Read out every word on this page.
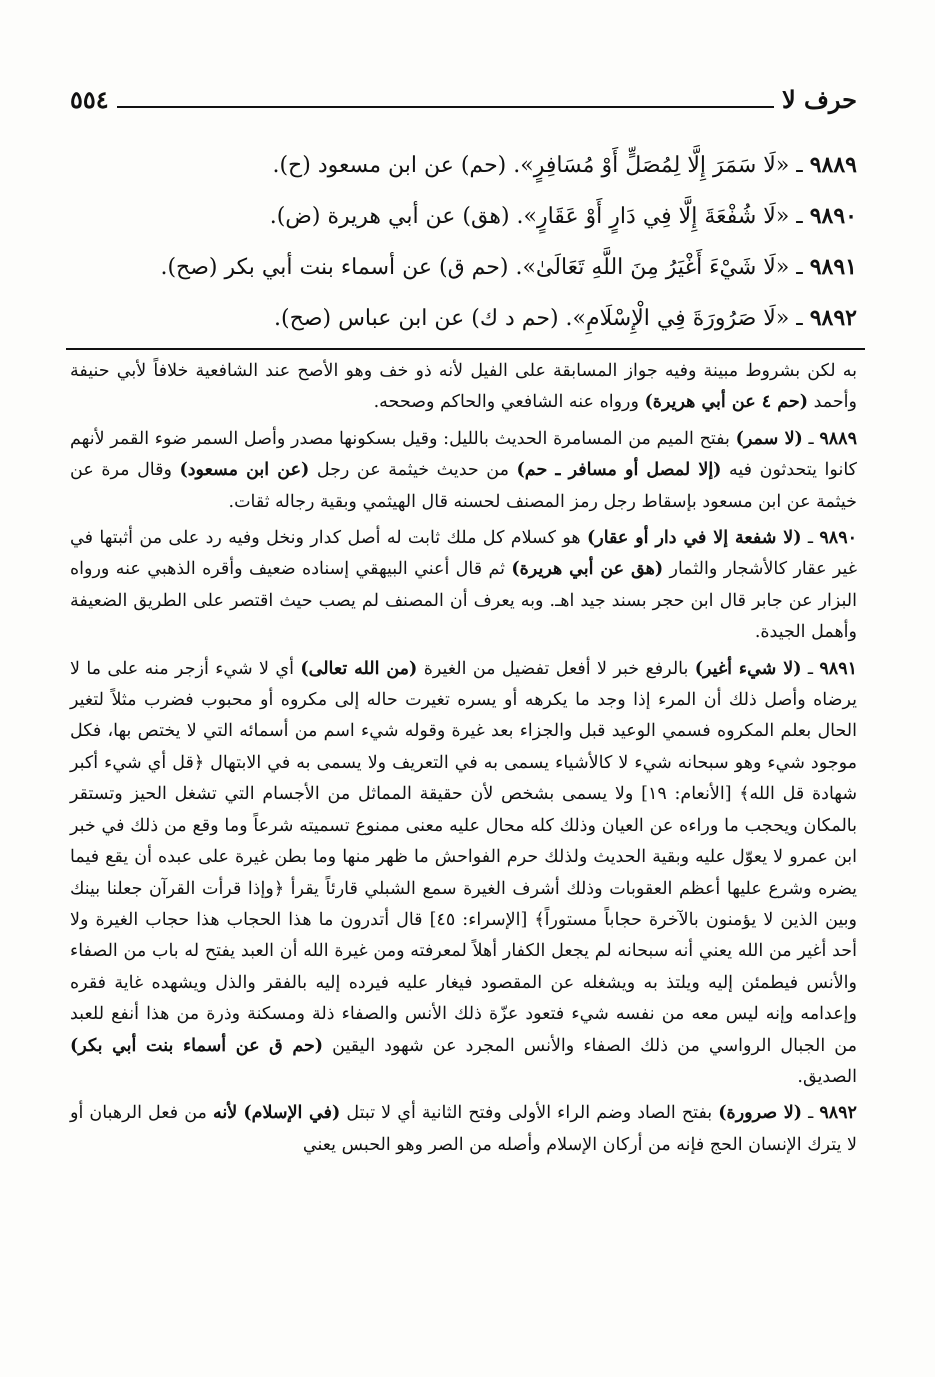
حرف لا
٥٥٤
٩٨٨٩ ـ «لَا سَمَرَ إِلَّا لِمُصَلٍّ أَوْ مُسَافِرٍ». (حم) عن ابن مسعود (ح).
٩٨٩٠ ـ «لَا شُفْعَةَ إِلَّا فِي دَارٍ أَوْ عَقَارٍ». (هق) عن أبي هريرة (ض).
٩٨٩١ ـ «لَا شَيْءَ أَغْيَرُ مِنَ اللَّهِ تَعَالَىٰ». (حم ق) عن أسماء بنت أبي بكر (صح).
٩٨٩٢ ـ «لَا صَرُورَةَ فِي الْإِسْلَامِ». (حم د ك) عن ابن عباس (صح).

به لكن بشروط مبينة وفيه جواز المسابقة على الفيل لأنه ذو خف وهو الأصح عند الشافعية خلافاً لأبي حنيفة وأحمد (حم ٤ عن أبي هريرة) ورواه عنه الشافعي والحاكم وصححه.

٩٨٨٩ ـ (لا سمر) بفتح الميم من المسامرة الحديث بالليل: وقيل بسكونها مصدر وأصل السمر ضوء القمر لأنهم كانوا يتحدثون فيه (إلا لمصل أو مسافر ـ حم) من حديث خيثمة عن رجل (عن ابن مسعود) وقال مرة عن خيثمة عن ابن مسعود بإسقاط رجل رمز المصنف لحسنه قال الهيثمي وبقية رجاله ثقات.

٩٨٩٠ ـ (لا شفعة إلا في دار أو عقار) هو كسلام كل ملك ثابت له أصل كدار ونخل وفيه رد على من أثبتها في غير عقار كالأشجار والثمار (هق عن أبي هريرة) ثم قال أعني البيهقي إسناده ضعيف وأقره الذهبي عنه ورواه البزار عن جابر قال ابن حجر بسند جيد اهـ. وبه يعرف أن المصنف لم يصب حيث اقتصر على الطريق الضعيفة وأهمل الجيدة.

٩٨٩١ ـ (لا شيء أغير) بالرفع خبر لا أفعل تفضيل من الغيرة (من الله تعالى) أي لا شيء أزجر منه على ما لا يرضاه وأصل ذلك أن المرء إذا وجد ما يكرهه أو يسره تغيرت حاله إلى مكروه أو محبوب فضرب مثلاً لتغير الحال بعلم المكروه فسمي الوعيد قبل والجزاء بعد غيرة وقوله شيء اسم من أسمائه التي لا يختص بها، فكل موجود شيء وهو سبحانه شيء لا كالأشياء يسمى به في التعريف ولا يسمى به في الابتهال ﴿قل أي شيء أكبر شهادة قل الله﴾ [الأنعام: ١٩] ولا يسمى بشخص لأن حقيقة المماثل من الأجسام التي تشغل الحيز وتستقر بالمكان ويحجب ما وراءه عن العيان وذلك كله محال عليه معنى ممنوع تسميته شرعاً وما وقع من ذلك في خبر ابن عمرو لا يعوّل عليه وبقية الحديث ولذلك حرم الفواحش ما ظهر منها وما بطن غيرة على عبده أن يقع فيما يضره وشرع عليها أعظم العقوبات وذلك أشرف الغيرة سمع الشبلي قارئاً يقرأ ﴿وإذا قرأت القرآن جعلنا بينك وبين الذين لا يؤمنون بالآخرة حجاباً مستوراً﴾ [الإسراء: ٤٥] قال أتدرون ما هذا الحجاب هذا حجاب الغيرة ولا أحد أغير من الله يعني أنه سبحانه لم يجعل الكفار أهلاً لمعرفته ومن غيرة الله أن العبد يفتح له باب من الصفاء والأنس فيطمئن إليه ويلتذ به ويشغله عن المقصود فيغار عليه فيرده إليه بالفقر والذل ويشهده غاية فقره وإعدامه وإنه ليس معه من نفسه شيء فتعود عزّة ذلك الأنس والصفاء ذلة ومسكنة وذرة من هذا أنفع للعبد من الجبال الرواسي من ذلك الصفاء والأنس المجرد عن شهود اليقين (حم ق عن أسماء بنت أبي بكر) الصديق.

٩٨٩٢ ـ (لا صرورة) بفتح الصاد وضم الراء الأولى وفتح الثانية أي لا تبتل (في الإسلام) لأنه من فعل الرهبان أو لا يترك الإنسان الحج فإنه من أركان الإسلام وأصله من الصر وهو الحبس يعني
